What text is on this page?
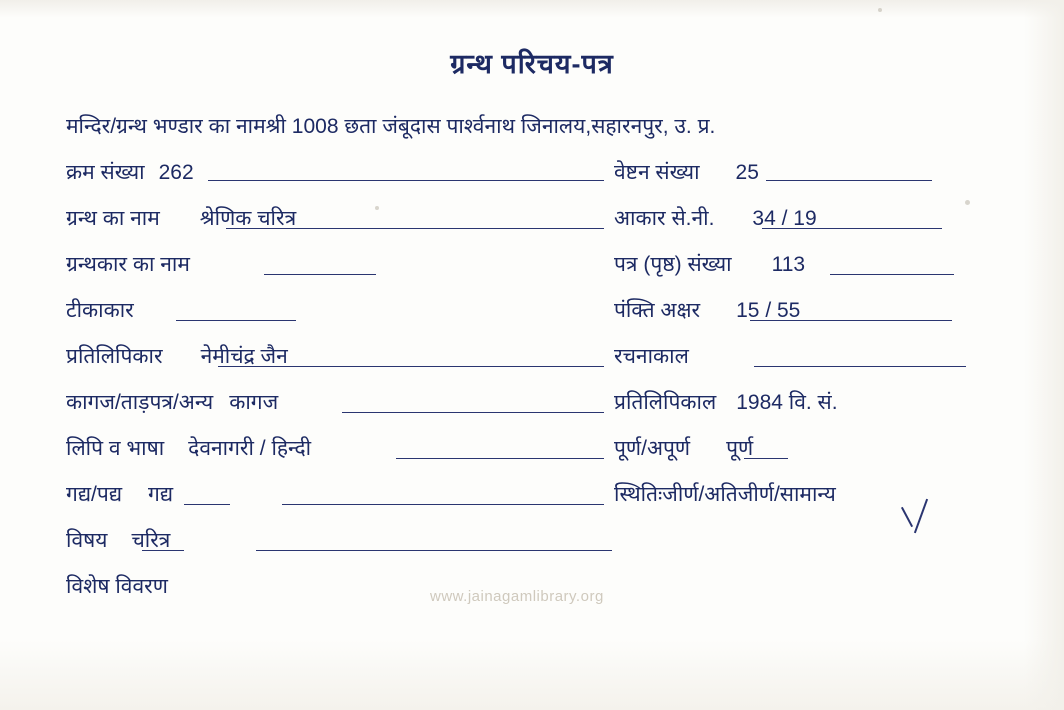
ग्रन्थ परिचय-पत्र
मन्दिर/ग्रन्थ भण्डार का नामश्री 1008 छता जंबूदास पार्श्वनाथ जिनालय,सहारनपुर, उ. प्र.
क्रम संख्या 262	वेष्टन संख्या 25
ग्रन्थ का नाम श्रेणिक चरित्र	आकार से.नी. 34 / 19
ग्रन्थकार का नाम	पत्र (पृष्ठ) संख्या 113
टीकाकार	पंक्ति अक्षर 15 / 55
प्रतिलिपिकार नेमीचंद्र जैन	रचनाकाल
कागज/ताड़पत्र/अन्य कागज	प्रतिलिपिकाल 1984 वि. सं.
लिपि व भाषा देवनागरी / हिन्दी	पूर्ण/अपूर्ण पूर्ण
गद्य/पद्य गद्य	स्थितिःजीर्ण/अतिजीर्ण/सामान्य
विषय चरित्र
विशेष विवरण	www.jainagamlibrary.org
